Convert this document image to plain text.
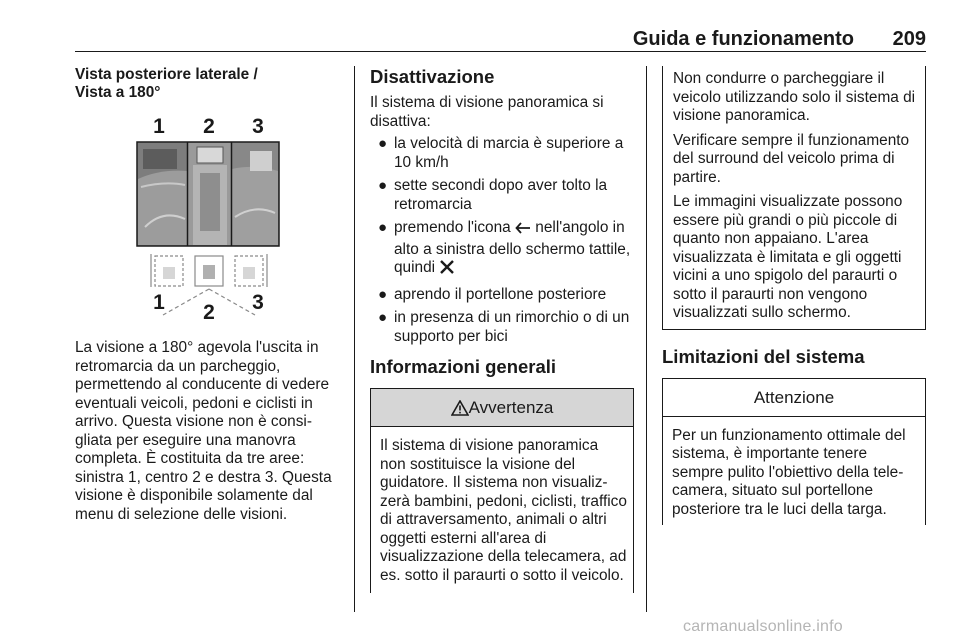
Guida e funzionamento 209
Vista posteriore laterale /
Vista a 180°
1 2 3
1 2 3

La visione a 180° agevola l'uscita in retromarcia da un parcheggio, permettendo al conducente di vedere eventuali veicoli, pedoni e ciclisti in arrivo. Questa visione non è consigliata per eseguire una manovra completa. È costituita da tre aree: sinistra 1, centro 2 e destra 3. Questa visione è disponibile solamente dal menu di selezione delle visioni.

Disattivazione

Il sistema di visione panoramica si disattiva:

● la velocità di marcia è superiore a 10 km/h
● sette secondi dopo aver tolto la retromarcia
● premendo l'icona nell'angolo in alto a sinistra dello schermo tattile, quindi
● aprendo il portellone posteriore
● in presenza di un rimorchio o di un supporto per bici
Informazioni generali
Avvertenza

Il sistema di visione panoramica non sostituisce la visione del guidatore. Il sistema non visualizzerà bambini, pedoni, ciclisti, traffico di attraversamento, animali o altri oggetti esterni all'area di visualizzazione della telecamera, ad es. sotto il paraurti o sotto il veicolo.

Non condurre o parcheggiare il veicolo utilizzando solo il sistema di visione panoramica.

Verificare sempre il funzionamento del surround del veicolo prima di partire.

Le immagini visualizzate possono essere più grandi o più piccole di quanto non appaiano. L'area visualizzata è limitata e gli oggetti vicini a uno spigolo del paraurti o sotto il paraurti non vengono visualizzati sullo schermo.

Limitazioni del sistema
Attenzione

Per un funzionamento ottimale del sistema, è importante tenere sempre pulito l'obiettivo della telecamera, situato sul portellone posteriore tra le luci della targa.

carmanualsonline.info
